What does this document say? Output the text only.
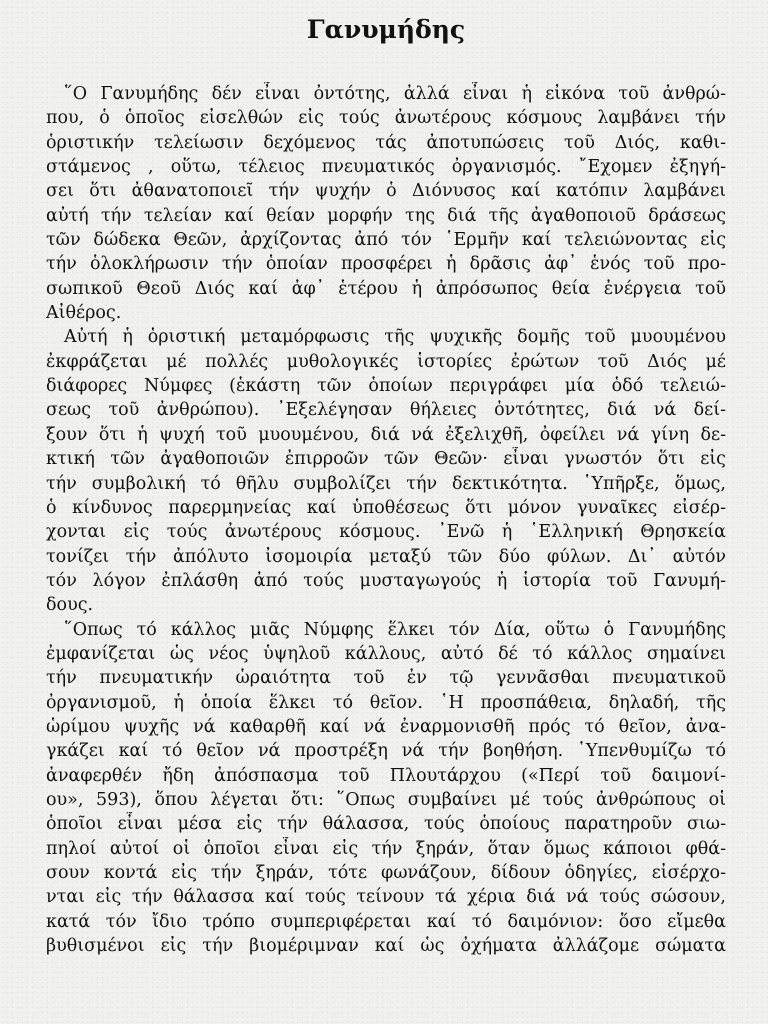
Γανυμήδης
῞Ο Γανυμήδης δέν εἶναι ὀντότης, ἀλλά εἶναι ἡ εἰκόνα τοῦ ἀνθρώ-
που, ὁ ὁποῖος εἰσελθών εἰς τούς ἀνωτέρους κόσμους λαμβάνει τήν
ὁριστικήν τελείωσιν δεχόμενος τάς ἀποτυπώσεις τοῦ Διός, καθι-
στάμενος , οὕτω, τέλειος πνευματικός ὀργανισμός. ῎Εχομεν ἐξηγή-
σει ὅτι ἀθανατοποιεῖ τήν ψυχήν ὁ Διόνυσος καί κατόπιν λαμβάνει
αὐτή τήν τελείαν καί θείαν μορφήν της διά τῆς ἀγαθοποιοῦ δράσεως
τῶν δώδεκα Θεῶν, ἀρχίζοντας ἀπό τόν ῾Ερμῆν καί τελειώνοντας εἰς
τήν ὁλοκλήρωσιν τήν ὁποίαν προσφέρει ἡ δρᾶσις ἀφ᾿ ἑνός τοῦ προ-
σωπικοῦ Θεοῦ Διός καί ἀφ᾿ ἑτέρου ἡ ἀπρόσωπος θεία ἐνέργεια τοῦ
Αἰθέρος.
Αὐτή ἡ ὁριστική μεταμόρφωσις τῆς ψυχικῆς δομῆς τοῦ μυουμένου
ἐκφράζεται μέ πολλές μυθολογικές ἱστορίες ἐρώτων τοῦ Διός μέ
διάφορες Νύμφες (ἑκάστη τῶν ὁποίων περιγράφει μία ὁδό τελειώ-
σεως τοῦ ἀνθρώπου). ᾿Εξελέγησαν θήλειες ὀντότητες, διά νά δεί-
ξουν ὅτι ἡ ψυχή τοῦ μυουμένου, διά νά ἐξελιχθῆ, ὀφείλει νά γίνη δε-
κτική τῶν ἀγαθοποιῶν ἐπιρροῶν τῶν Θεῶν· εἶναι γνωστόν ὅτι εἰς
τήν συμβολική τό θῆλυ συμβολίζει τήν δεκτικότητα. ῾Υπῆρξε, ὅμως,
ὁ κίνδυνος παρερμηνείας καί ὑποθέσεως ὅτι μόνον γυναῖκες εἰσέρ-
χονται εἰς τούς ἀνωτέρους κόσμους. ᾿Ενῶ ἡ ῾Ελληνική Θρησκεία
τονίζει τήν ἀπόλυτο ἰσομοιρία μεταξύ τῶν δύο φύλων. Δι᾿ αὐτόν
τόν λόγον ἐπλάσθη ἀπό τούς μυσταγωγούς ἡ ἱστορία τοῦ Γανυμή-
δους.
῞Οπως τό κάλλος μιᾶς Νύμφης ἕλκει τόν Δία, οὕτω ὁ Γανυμήδης
ἐμφανίζεται ὡς νέος ὑψηλοῦ κάλλους, αὐτό δέ τό κάλλος σημαίνει
τήν πνευματικήν ὡραιότητα τοῦ ἐν τῷ γεννᾶσθαι πνευματικοῦ
ὀργανισμοῦ, ἡ ὁποία ἕλκει τό θεῖον. ῾Η προσπάθεια, δηλαδή, τῆς
ὡρίμου ψυχῆς νά καθαρθῆ καί νά ἐναρμονισθῆ πρός τό θεῖον, ἀνα-
γκάζει καί τό θεῖον νά προστρέξη νά τήν βοηθήση. ῾Υπενθυμίζω τό
ἀναφερθέν ἤδη ἀπόσπασμα τοῦ Πλουτάρχου («Περί τοῦ δαιμονί-
ου», 593), ὅπου λέγεται ὅτι: ῞Οπως συμβαίνει μέ τούς ἀνθρώπους οἱ
ὁποῖοι εἶναι μέσα εἰς τήν θάλασσα, τούς ὁποίους παρατηροῦν σιω-
πηλοί αὐτοί οἱ ὁποῖοι εἶναι εἰς τήν ξηράν, ὅταν ὅμως κάποιοι φθά-
σουν κοντά εἰς τήν ξηράν, τότε φωνάζουν, δίδουν ὁδηγίες, εἰσέρχο-
νται εἰς τήν θάλασσα καί τούς τείνουν τά χέρια διά νά τούς σώσουν,
κατά τόν ἴδιο τρόπο συμπεριφέρεται καί τό δαιμόνιον: ὅσο εἴμεθα
βυθισμένοι εἰς τήν βιομέριμναν καί ὡς ὀχήματα ἀλλάζομε σώματα
